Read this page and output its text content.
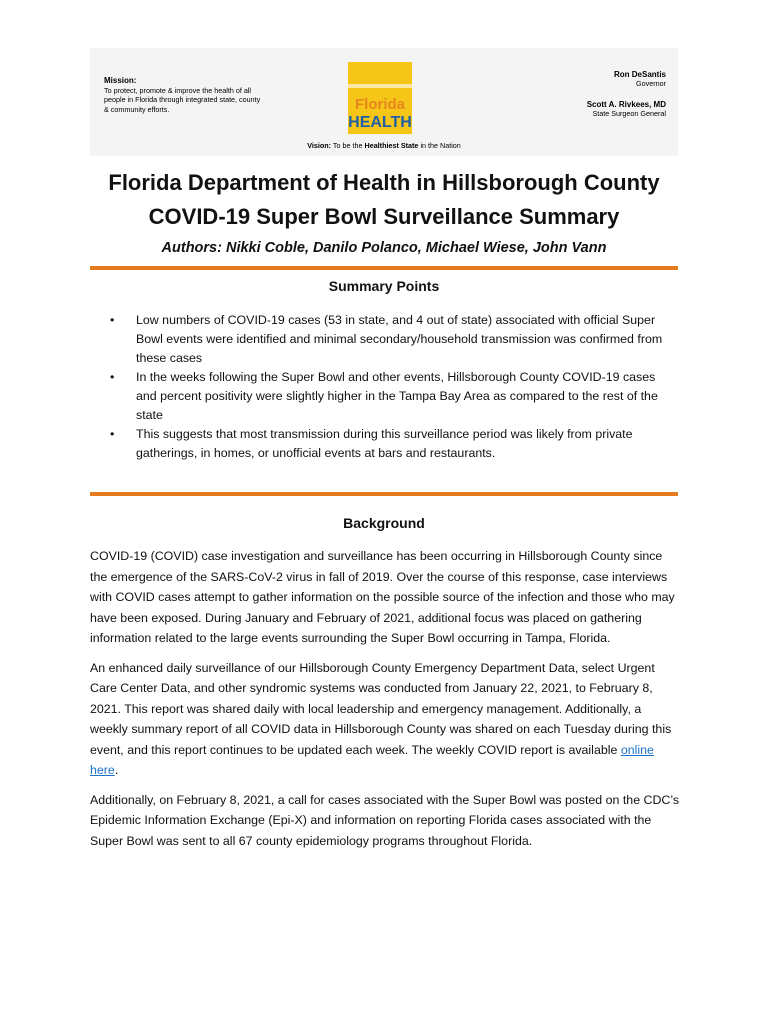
Mission:
To protect, promote & improve the health of all people in Florida through integrated state, county & community efforts.	Florida
HEALTH
Ron DeSantis
Governor
Scott A. Rivkees, MD
State Surgeon General
Vision: To be the Healthiest State in the Nation
Florida Department of Health in Hillsborough County
COVID-19 Super Bowl Surveillance Summary
Authors: Nikki Coble, Danilo Polanco, Michael Wiese, John Vann
Summary Points
• Low numbers of COVID-19 cases (53 in state, and 4 out of state) associated with official Super Bowl events were identified and minimal secondary/household transmission was confirmed from these cases
• In the weeks following the Super Bowl and other events, Hillsborough County COVID-19 cases and percent positivity were slightly higher in the Tampa Bay Area as compared to the rest of the state
• This suggests that most transmission during this surveillance period was likely from private gatherings, in homes, or unofficial events at bars and restaurants.
Background

COVID-19 (COVID) case investigation and surveillance has been occurring in Hillsborough County since the emergence of the SARS-CoV-2 virus in fall of 2019. Over the course of this response, case interviews with COVID cases attempt to gather information on the possible source of the infection and those who may have been exposed. During January and February of 2021, additional focus was placed on gathering information related to the large events surrounding the Super Bowl occurring in Tampa, Florida.

An enhanced daily surveillance of our Hillsborough County Emergency Department Data, select Urgent Care Center Data, and other syndromic systems was conducted from January 22, 2021, to February 8, 2021. This report was shared daily with local leadership and emergency management. Additionally, a weekly summary report of all COVID data in Hillsborough County was shared on each Tuesday during this event, and this report continues to be updated each week. The weekly COVID report is available online here.

Additionally, on February 8, 2021, a call for cases associated with the Super Bowl was posted on the CDC’s Epidemic Information Exchange (Epi-X) and information on reporting Florida cases associated with the Super Bowl was sent to all 67 county epidemiology programs throughout Florida.
